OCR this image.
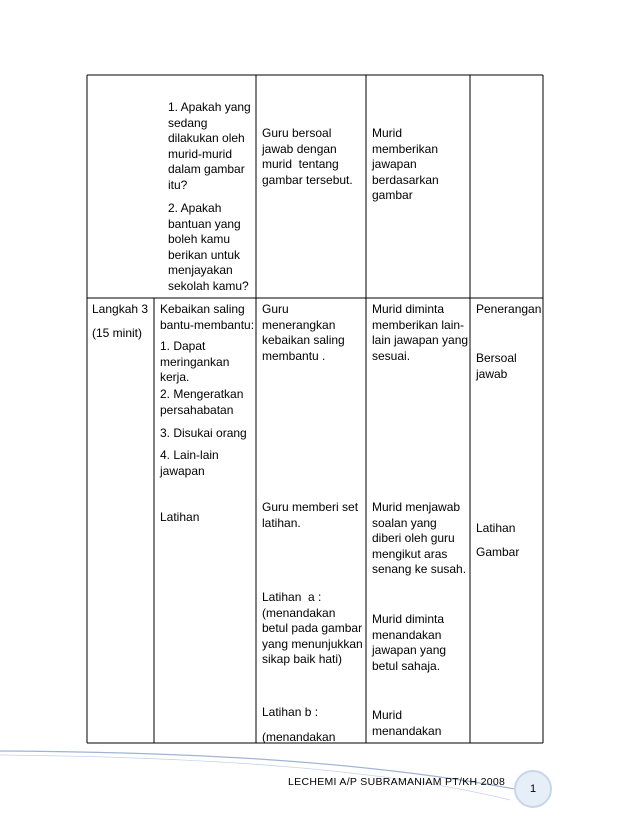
1. Apakah yang
sedang
dilakukan oleh
murid-murid
dalam gambar
itu?
2. Apakah
bantuan yang
boleh kamu
berikan untuk
menjayakan
sekolah kamu?
Guru bersoal
jawab dengan
murid  tentang
gambar tersebut.
Murid
memberikan
jawapan
berdasarkan
gambar
Langkah 3
(15 minit)
Kebaikan saling
bantu-membantu:
1. Dapat
meringankan
kerja.
2. Mengeratkan
persahabatan
3. Disukai orang
4. Lain-lain
jawapan
Latihan
Guru
menerangkan
kebaikan saling
membantu .
Guru memberi set
latihan.
Latihan  a :
(menandakan
betul pada gambar
yang menunjukkan
sikap baik hati)
Latihan b :
(menandakan
Murid diminta
memberikan lain-
lain jawapan yang
sesuai.
Murid menjawab
soalan yang
diberi oleh guru
mengikut aras
senang ke susah.
Murid diminta
menandakan
jawapan yang
betul sahaja.
Murid
menandakan
Penerangan
Bersoal
jawab
Latihan
Gambar
LECHEMI A/P SUBRAMANIAM PT/KH 2008
1
